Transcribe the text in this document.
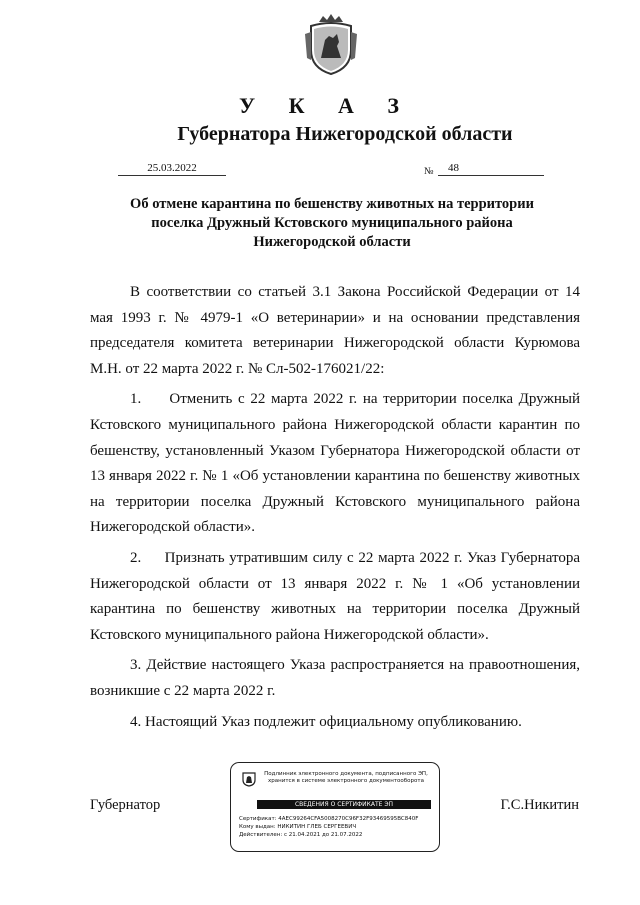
У К А З
Губернатора Нижегородской области
25.03.2022	№	48
Об отмене карантина по бешенству животных на территории
поселка Дружный Кстовского муниципального района
Нижегородской области

В соответствии со статьей 3.1 Закона Российской Федерации от 14 мая 1993 г. № 4979-1 «О ветеринарии» и на основании представления председателя комитета ветеринарии Нижегородской области Курюмова М.Н. от 22 марта 2022 г. № Сл-502-176021/22:

1.     Отменить с 22 марта 2022 г. на территории поселка Дружный Кстовского муниципального района Нижегородской области карантин по бешенству, установленный Указом Губернатора Нижегородской области от 13 января 2022 г. № 1 «Об установлении карантина по бешенству животных на территории поселка Дружный Кстовского муниципального района Нижегородской области».

2.     Признать утратившим силу с 22 марта 2022 г. Указ Губернатора Нижегородской области от 13 января 2022 г. № 1 «Об установлении карантина по бешенству животных на территории поселка Дружный Кстовского муниципального района Нижегородской области».

3. Действие настоящего Указа распространяется на правоотношения, возникшие с 22 марта 2022 г.

4. Настоящий Указ подлежит официальному опубликованию.

Губернатор	Г.С.Никитин
Подлинник электронного документа, подписанного ЭП, хранится в системе электронного документооборота
СВЕДЕНИЯ О СЕРТИФИКАТЕ ЭП
Сертификат: 4AEC99264CFA5008270C96F32F93469595BC840F
Кому выдан: НИКИТИН ГЛЕБ СЕРГЕЕВИЧ
Действителен: с 21.04.2021 до 21.07.2022
